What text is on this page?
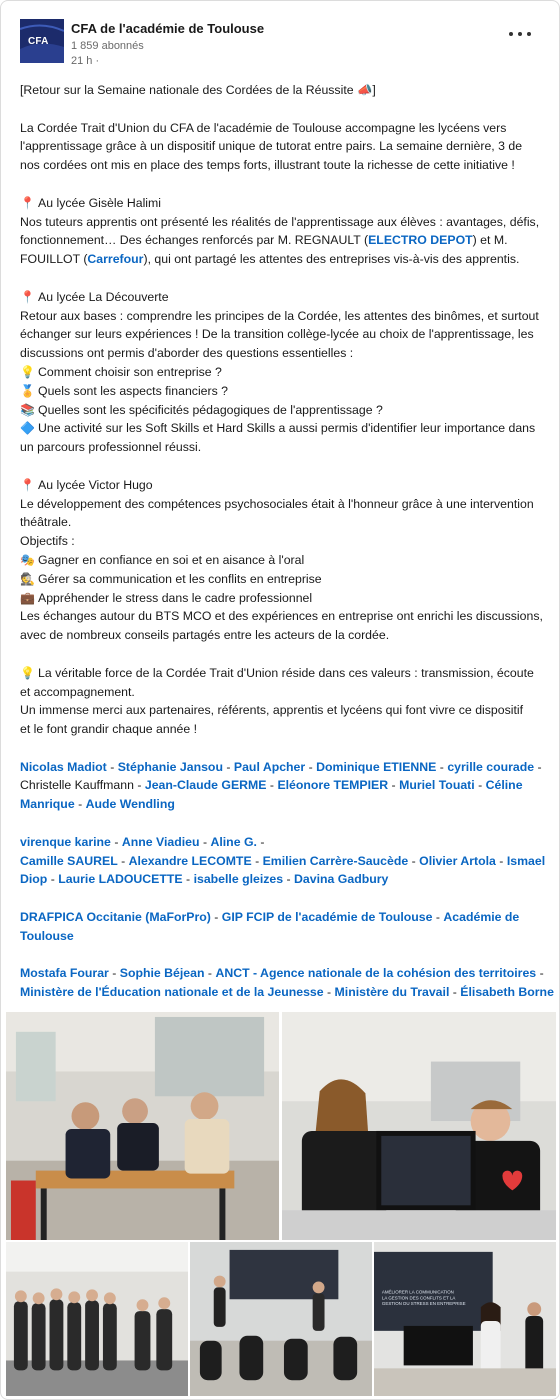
CFA
CFA de l'académie de Toulouse
1 859 abonnés
21 h ·
[Retour sur la Semaine nationale des Cordées de la Réussite 📣]
La Cordée Trait d'Union du CFA de l'académie de Toulouse accompagne les lycéens vers
l'apprentissage grâce à un dispositif unique de tutorat entre pairs. La semaine dernière, 3 de
nos cordées ont mis en place des temps forts, illustrant toute la richesse de cette initiative !
📍 Au lycée Gisèle Halimi
Nos tuteurs apprentis ont présenté les réalités de l'apprentissage aux élèves : avantages, défis,
fonctionnement… Des échanges renforcés par M. REGNAULT (ELECTRO DEPOT) et M.
FOUILLOT (Carrefour), qui ont partagé les attentes des entreprises vis-à-vis des apprentis.
📍 Au lycée La Découverte
Retour aux bases : comprendre les principes de la Cordée, les attentes des binômes, et surtout
échanger sur leurs expériences ! De la transition collège-lycée au choix de l'apprentissage, les
discussions ont permis d'aborder des questions essentielles :
💡 Comment choisir son entreprise ?
🏅 Quels sont les aspects financiers ?
📚 Quelles sont les spécificités pédagogiques de l'apprentissage ?
🔷 Une activité sur les Soft Skills et Hard Skills a aussi permis d'identifier leur importance dans
un parcours professionnel réussi.
📍 Au lycée Victor Hugo
Le développement des compétences psychosociales était à l'honneur grâce à une intervention
théâtrale.
Objectifs :
🎭 Gagner en confiance en soi et en aisance à l'oral
🕵 Gérer sa communication et les conflits en entreprise
💼 Appréhender le stress dans le cadre professionnel
Les échanges autour du BTS MCO et des expériences en entreprise ont enrichi les discussions,
avec de nombreux conseils partagés entre les acteurs de la cordée.
💡 La véritable force de la Cordée Trait d'Union réside dans ces valeurs : transmission, écoute
et accompagnement.
Un immense merci aux partenaires, référents, apprentis et lycéens qui font vivre ce dispositif
et le font grandir chaque année !
Nicolas Madiot - Stéphanie Jansou - Paul Apcher - Dominique ETIENNE - cyrille courade -
Christelle Kauffmann - Jean-Claude GERME - Eléonore TEMPIER - Muriel Touati - Céline
Manrique - Aude Wendling
virenque karine - Anne Viadieu - Aline G. -
Camille SAUREL - Alexandre LECOMTE - Emilien Carrère-Saucède - Olivier Artola - Ismael
Diop - Laurie LADOUCETTE - isabelle gleizes - Davina Gadbury
DRAFPICA Occitanie (MaForPro) - GIP FCIP de l'académie de Toulouse - Académie de
Toulouse
Mostafa Fourar - Sophie Béjean - ANCT - Agence nationale de la cohésion des territoires -
Ministère de l'Éducation nationale et de la Jeunesse - Ministère du Travail - Élisabeth Borne
AMÉLIORER LA COMMUNICATION
LA GESTION DES CONFLITS ET LA
GESTION DU STRESS EN ENTREPRISE
